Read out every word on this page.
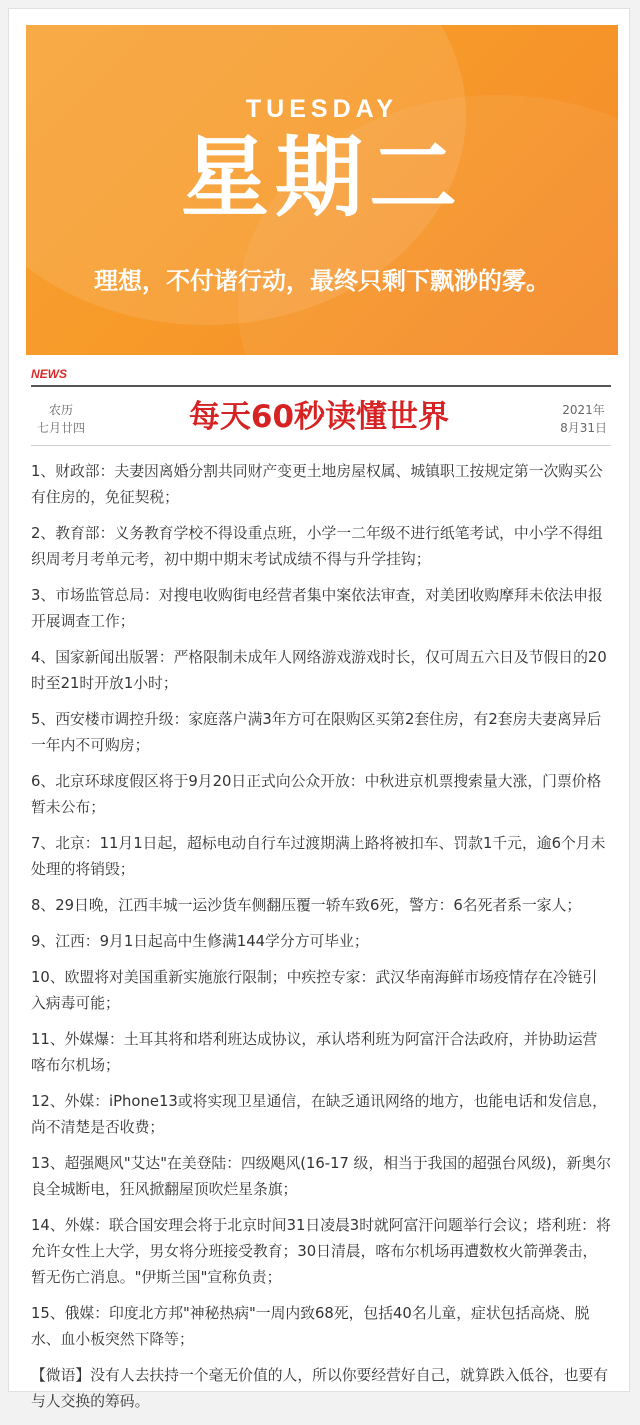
TUESDAY
星期二
理想，不付诸行动，最终只剩下飘渺的雾。
NEWS
农历
七月廿四	每天60秒读懂世界	2021年
8月31日

1、财政部：夫妻因离婚分割共同财产变更土地房屋权属、城镇职工按规定第一次购买公有住房的，免征契税；

2、教育部：义务教育学校不得设重点班，小学一二年级不进行纸笔考试，中小学不得组织周考月考单元考，初中期中期末考试成绩不得与升学挂钩；

3、市场监管总局：对搜电收购街电经营者集中案依法审查，对美团收购摩拜未依法申报开展调查工作；

4、国家新闻出版署：严格限制未成年人网络游戏游戏时长，仅可周五六日及节假日的20时至21时开放1小时；

5、西安楼市调控升级：家庭落户满3年方可在限购区买第2套住房，有2套房夫妻离异后一年内不可购房；

6、北京环球度假区将于9月20日正式向公众开放：中秋进京机票搜索量大涨，门票价格暂未公布；

7、北京：11月1日起，超标电动自行车过渡期满上路将被扣车、罚款1千元，逾6个月未处理的将销毁；

8、29日晚，江西丰城一运沙货车侧翻压覆一轿车致6死，警方：6名死者系一家人；

9、江西：9月1日起高中生修满144学分方可毕业；

10、欧盟将对美国重新实施旅行限制；中疾控专家：武汉华南海鲜市场疫情存在冷链引入病毒可能；

11、外媒爆：土耳其将和塔利班达成协议，承认塔利班为阿富汗合法政府，并协助运营喀布尔机场；

12、外媒：iPhone13或将实现卫星通信，在缺乏通讯网络的地方，也能电话和发信息，尚不清楚是否收费；

13、超强飓风"艾达"在美登陆：四级飓风(16-17 级，相当于我国的超强台风级)，新奥尔良全城断电，狂风掀翻屋顶吹烂星条旗；

14、外媒：联合国安理会将于北京时间31日凌晨3时就阿富汗问题举行会议；塔利班：将允许女性上大学，男女将分班接受教育；30日清晨，喀布尔机场再遭数枚火箭弹袭击，暂无伤亡消息。"伊斯兰国"宣称负责；

15、俄媒：印度北方邦"神秘热病"一周内致68死，包括40名儿童，症状包括高烧、脱水、血小板突然下降等；

【微语】没有人去扶持一个毫无价值的人，所以你要经营好自己，就算跌入低谷，也要有与人交换的筹码。
